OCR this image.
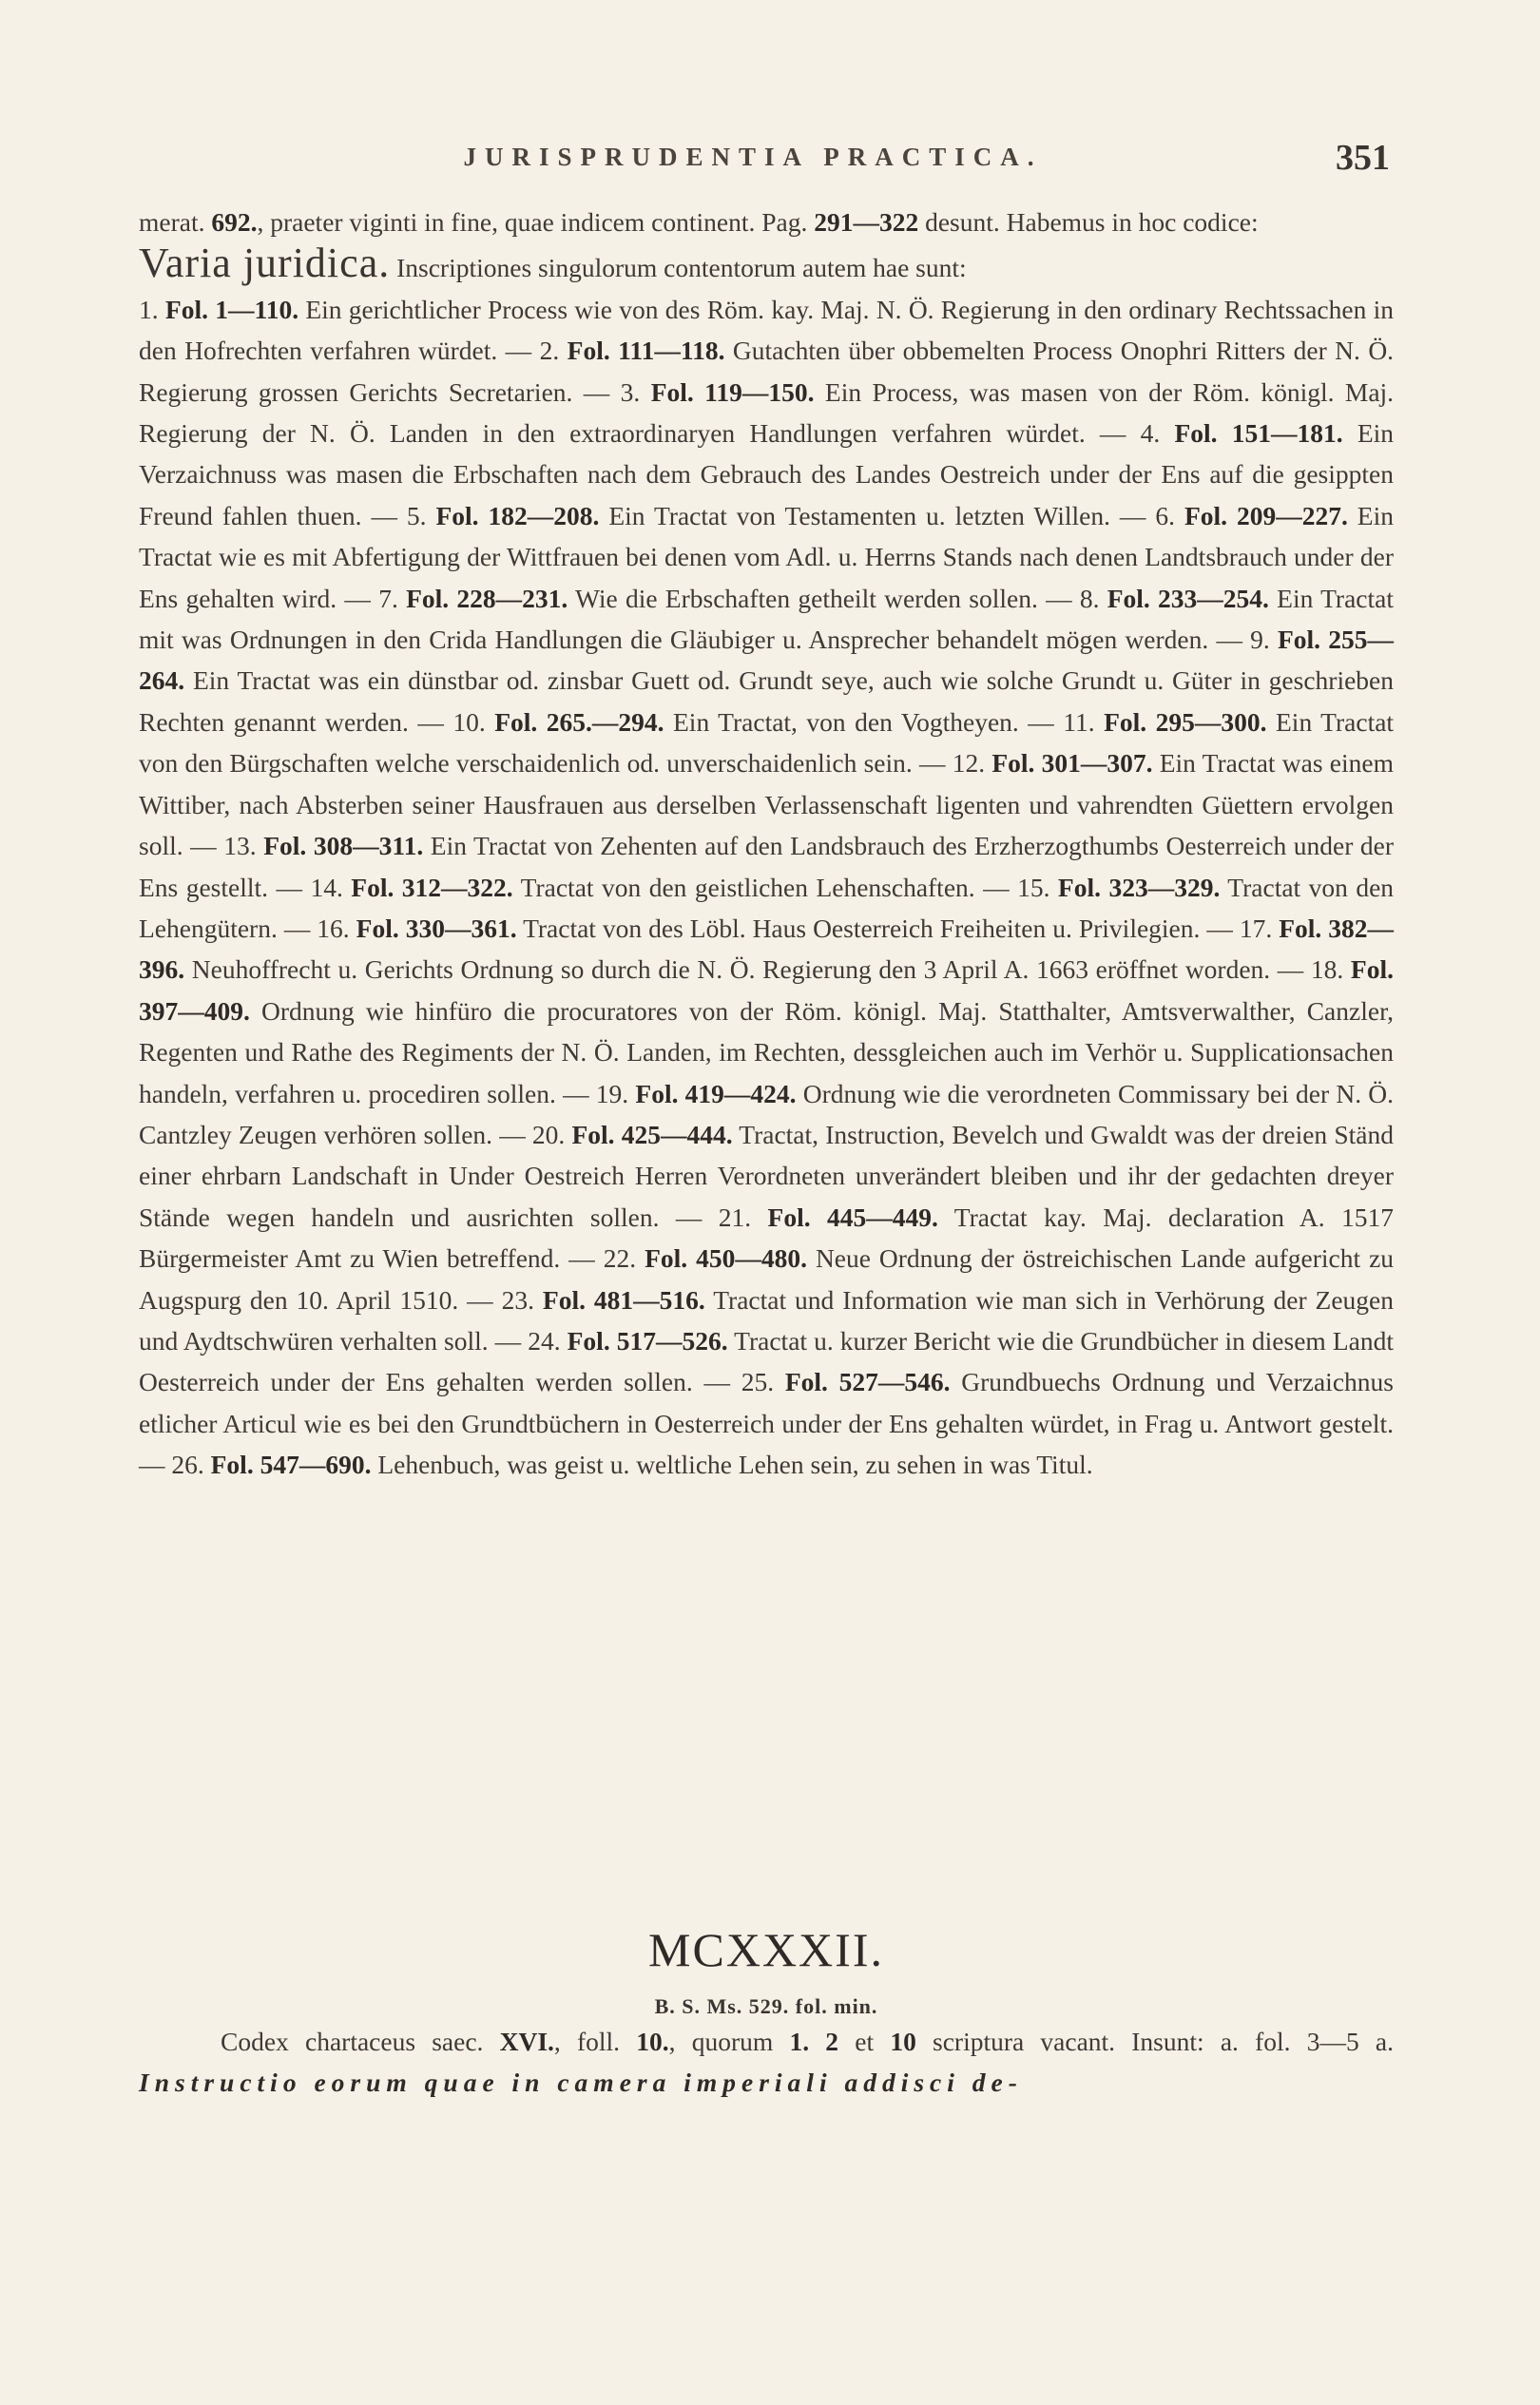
JURISPRUDENTIA PRACTICA.	351

merat. 692., praeter viginti in fine, quae indicem continent. Pag. 291—322 desunt. Habemus in hoc codice:

Varia juridica. Inscriptiones singulorum contentorum autem hae sunt:

1. Fol. 1—110. Ein gerichtlicher Process wie von des Röm. kay. Maj. N. Ö. Regierung in den ordinary Rechtssachen in den Hofrechten verfahren würdet. — 2. Fol. 111—118. Gutachten über obbemelten Process Onophri Ritters der N. Ö. Regierung grossen Gerichts Secretarien. — 3. Fol. 119—150. Ein Process, was masen von der Röm. königl. Maj. Regierung der N. Ö. Landen in den extraordinaryen Handlungen verfahren würdet. — 4. Fol. 151—181. Ein Verzaichnuss was masen die Erbschaften nach dem Gebrauch des Landes Oestreich under der Ens auf die gesippten Freund fahlen thuen. — 5. Fol. 182—208. Ein Tractat von Testamenten u. letzten Willen. — 6. Fol. 209—227. Ein Tractat wie es mit Abfertigung der Wittfrauen bei denen vom Adl. u. Herrns Stands nach denen Landtsbrauch under der Ens gehalten wird. — 7. Fol. 228—231. Wie die Erbschaften getheilt werden sollen. — 8. Fol. 233—254. Ein Tractat mit was Ordnungen in den Crida Handlungen die Gläubiger u. Ansprecher behandelt mögen werden. — 9. Fol. 255—264. Ein Tractat was ein dünstbar od. zinsbar Guett od. Grundt seye, auch wie solche Grundt u. Güter in geschrieben Rechten genannt werden. — 10. Fol. 265.—294. Ein Tractat, von den Vogtheyen. — 11. Fol. 295—300. Ein Tractat von den Bürgschaften welche verschaidenlich od. unverschaidenlich sein. — 12. Fol. 301—307. Ein Tractat was einem Wittiber, nach Absterben seiner Hausfrauen aus derselben Verlassenschaft ligenten und vahrendten Güettern ervolgen soll. — 13. Fol. 308—311. Ein Tractat von Zehenten auf den Landsbrauch des Erzherzogthumbs Oesterreich under der Ens gestellt. — 14. Fol. 312—322. Tractat von den geistlichen Lehenschaften. — 15. Fol. 323—329. Tractat von den Lehengütern. — 16. Fol. 330—361. Tractat von des Löbl. Haus Oesterreich Freiheiten u. Privilegien. — 17. Fol. 382—396. Neuhoffrecht u. Gerichts Ordnung so durch die N. Ö. Regierung den 3 April A. 1663 eröffnet worden. — 18. Fol. 397—409. Ordnung wie hinfüro die procuratores von der Röm. königl. Maj. Statthalter, Amtsverwalther, Canzler, Regenten und Rathe des Regiments der N. Ö. Landen, im Rechten, dessgleichen auch im Verhör u. Supplicationsachen handeln, verfahren u. procediren sollen. — 19. Fol. 419—424. Ordnung wie die verordneten Commissary bei der N. Ö. Cantzley Zeugen verhören sollen. — 20. Fol. 425—444. Tractat, Instruction, Bevelch und Gwaldt was der dreien Ständ einer ehrbarn Landschaft in Under Oestreich Herren Verordneten unverändert bleiben und ihr der gedachten dreyer Stände wegen handeln und ausrichten sollen. — 21. Fol. 445—449. Tractat kay. Maj. declaration A. 1517 Bürgermeister Amt zu Wien betreffend. — 22. Fol. 450—480. Neue Ordnung der östreichischen Lande aufgericht zu Augspurg den 10. April 1510. — 23. Fol. 481—516. Tractat und Information wie man sich in Verhörung der Zeugen und Aydtschwüren verhalten soll. — 24. Fol. 517—526. Tractat u. kurzer Bericht wie die Grundbücher in diesem Landt Oesterreich under der Ens gehalten werden sollen. — 25. Fol. 527—546. Grundbuechs Ordnung und Verzaichnus etlicher Articul wie es bei den Grundtbüchern in Oesterreich under der Ens gehalten würdet, in Frag u. Antwort gestelt. — 26. Fol. 547—690. Lehenbuch, was geist u. weltliche Lehen sein, zu sehen in was Titul.

MCXXXII.
B. S. Ms. 529. fol. min.

Codex chartaceus saec. XVI., foll. 10., quorum 1. 2 et 10 scriptura vacant. Insunt: a. fol. 3—5 a. Instructio eorum quae in camera imperiali addisci de-
